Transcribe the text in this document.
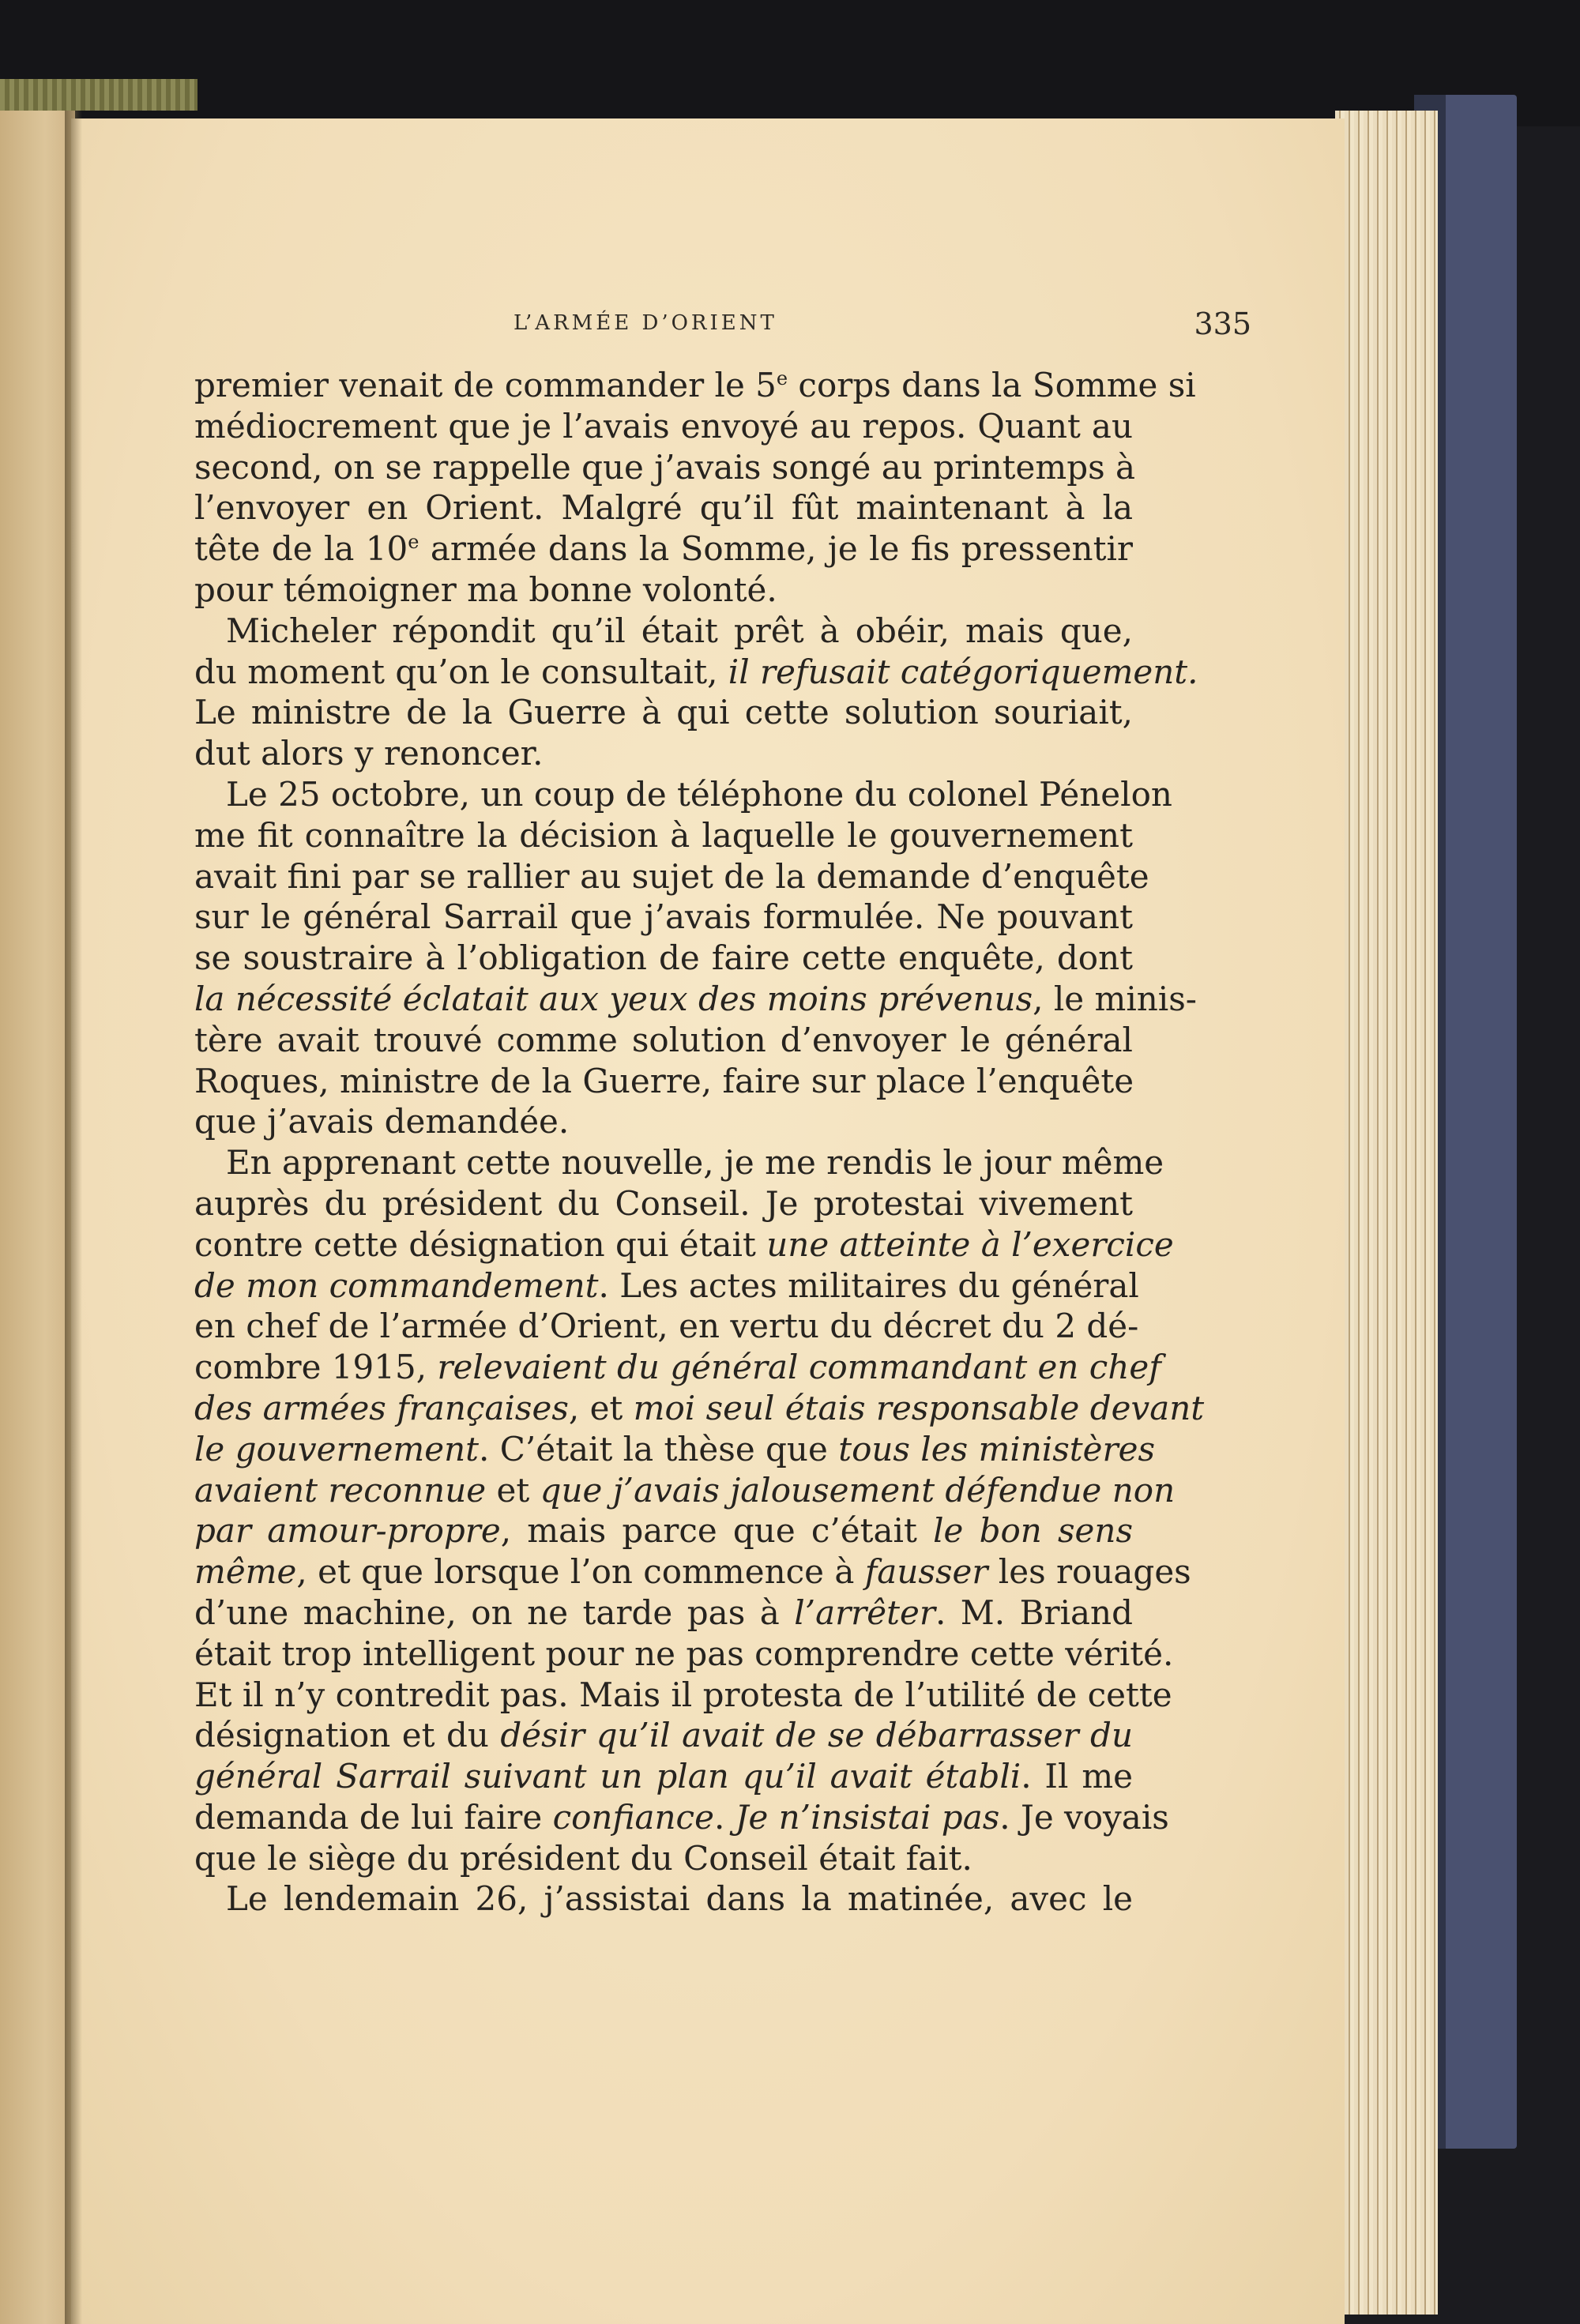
L’ARMÉE D’ORIENT	335
premier venait de commander le 5e corps dans la Somme si
médiocrement que je l’avais envoyé au repos. Quant au
second, on se rappelle que j’avais songé au printemps à
l’envoyer en Orient. Malgré qu’il fût maintenant à la
tête de la 10e armée dans la Somme, je le fis pressentir
pour témoigner ma bonne volonté.
Micheler répondit qu’il était prêt à obéir, mais que,
du moment qu’on le consultait, il refusait catégoriquement.
Le ministre de la Guerre à qui cette solution souriait,
dut alors y renoncer.
Le 25 octobre, un coup de téléphone du colonel Pénelon
me fit connaître la décision à laquelle le gouvernement
avait fini par se rallier au sujet de la demande d’enquête
sur le général Sarrail que j’avais formulée. Ne pouvant
se soustraire à l’obligation de faire cette enquête, dont
la nécessité éclatait aux yeux des moins prévenus, le minis-
tère avait trouvé comme solution d’envoyer le général
Roques, ministre de la Guerre, faire sur place l’enquête
que j’avais demandée.
En apprenant cette nouvelle, je me rendis le jour même
auprès du président du Conseil. Je protestai vivement
contre cette désignation qui était une atteinte à l’exercice
de mon commandement. Les actes militaires du général
en chef de l’armée d’Orient, en vertu du décret du 2 dé-
combre 1915, relevaient du général commandant en chef
des armées françaises, et moi seul étais responsable devant
le gouvernement. C’était la thèse que tous les ministères
avaient reconnue et que j’avais jalousement défendue non
par amour-propre, mais parce que c’était le bon sens
même, et que lorsque l’on commence à fausser les rouages
d’une machine, on ne tarde pas à l’arrêter. M. Briand
était trop intelligent pour ne pas comprendre cette vérité.
Et il n’y contredit pas. Mais il protesta de l’utilité de cette
désignation et du désir qu’il avait de se débarrasser du
général Sarrail suivant un plan qu’il avait établi. Il me
demanda de lui faire confiance. Je n’insistai pas. Je voyais
que le siège du président du Conseil était fait.
Le lendemain 26, j’assistai dans la matinée, avec le
